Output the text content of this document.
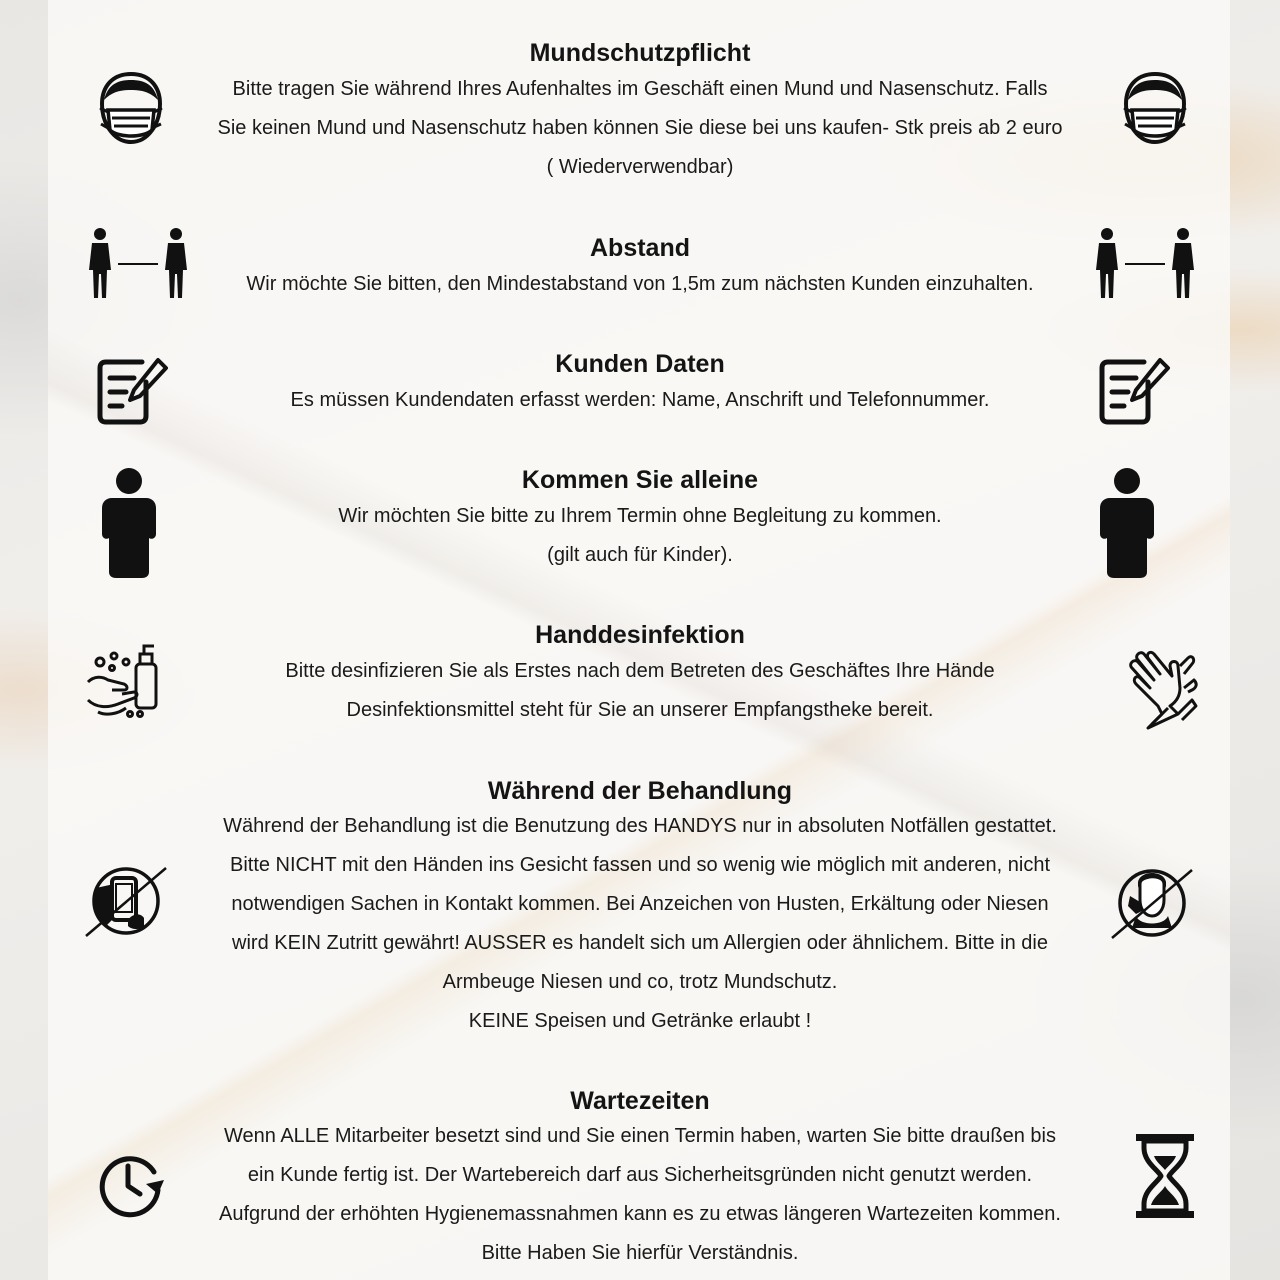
Mundschutzpflicht

Bitte tragen Sie während Ihres Aufenhaltes im Geschäft einen Mund und Nasenschutz. Falls

Sie keinen Mund und Nasenschutz haben können Sie diese bei uns kaufen- Stk preis ab 2 euro

( Wiederverwendbar)

Abstand

Wir möchte Sie bitten, den Mindestabstand von 1,5m zum nächsten Kunden einzuhalten.

Kunden Daten

Es müssen Kundendaten erfasst werden: Name, Anschrift und Telefonnummer.

Kommen Sie alleine

Wir möchten Sie bitte zu Ihrem Termin ohne Begleitung zu kommen.

(gilt auch für Kinder).

Handdesinfektion

Bitte desinfizieren Sie als Erstes nach dem Betreten des Geschäftes Ihre Hände

Desinfektionsmittel steht für Sie an unserer Empfangstheke bereit.

Während der Behandlung

Während der Behandlung ist die Benutzung des HANDYS nur in absoluten Notfällen gestattet.

Bitte NICHT mit den Händen ins Gesicht fassen und so wenig wie möglich mit anderen, nicht

notwendigen Sachen in Kontakt kommen. Bei Anzeichen von Husten, Erkältung oder Niesen

wird KEIN Zutritt gewährt! AUSSER es handelt sich um Allergien oder ähnlichem. Bitte in die

Armbeuge Niesen und co, trotz Mundschutz.

KEINE Speisen und Getränke erlaubt !

Wartezeiten

Wenn ALLE Mitarbeiter besetzt sind und Sie einen Termin haben, warten Sie bitte draußen bis

ein Kunde fertig ist. Der Wartebereich darf aus Sicherheitsgründen nicht genutzt werden.

Aufgrund der erhöhten Hygienemassnahmen kann es zu etwas längeren Wartezeiten kommen.

Bitte Haben Sie hierfür Verständnis.
